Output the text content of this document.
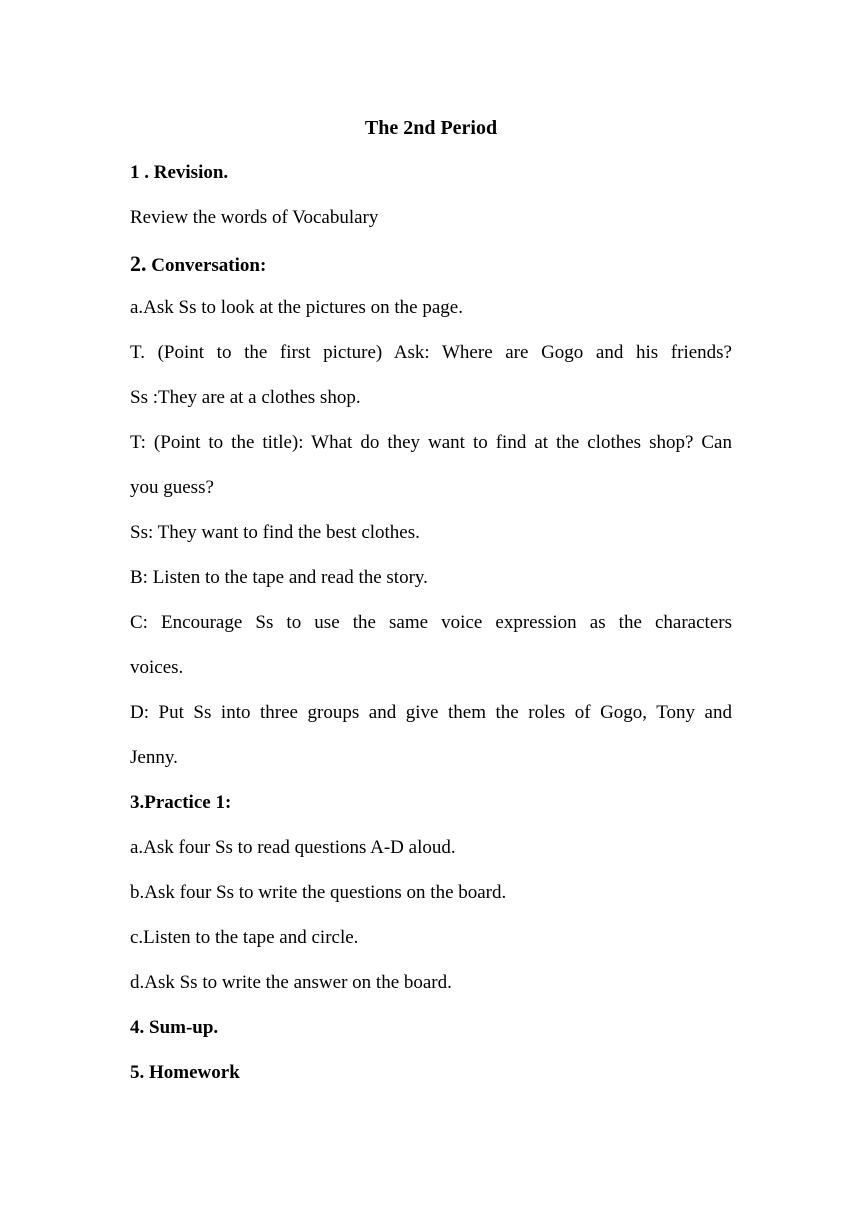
The 2nd Period
1 . Revision.
Review the words of Vocabulary
2. Conversation:
a.Ask Ss to look at the pictures on the page.
T. (Point to the first picture) Ask: Where are Gogo and his friends?
Ss :They are at a clothes shop.
T: (Point to the title): What do they want to find at the clothes shop? Can
you guess?
Ss: They want to find the best clothes.
B: Listen to the tape and read the story.
C: Encourage Ss to use the same voice expression as the characters
voices.
D: Put Ss into three groups and give them the roles of Gogo, Tony and
Jenny.
3.Practice 1:
a.Ask four Ss to read questions A-D aloud.
b.Ask four Ss to write the questions on the board.
c.Listen to the tape and circle.
d.Ask Ss to write the answer on the board.
4. Sum-up.
5. Homework
